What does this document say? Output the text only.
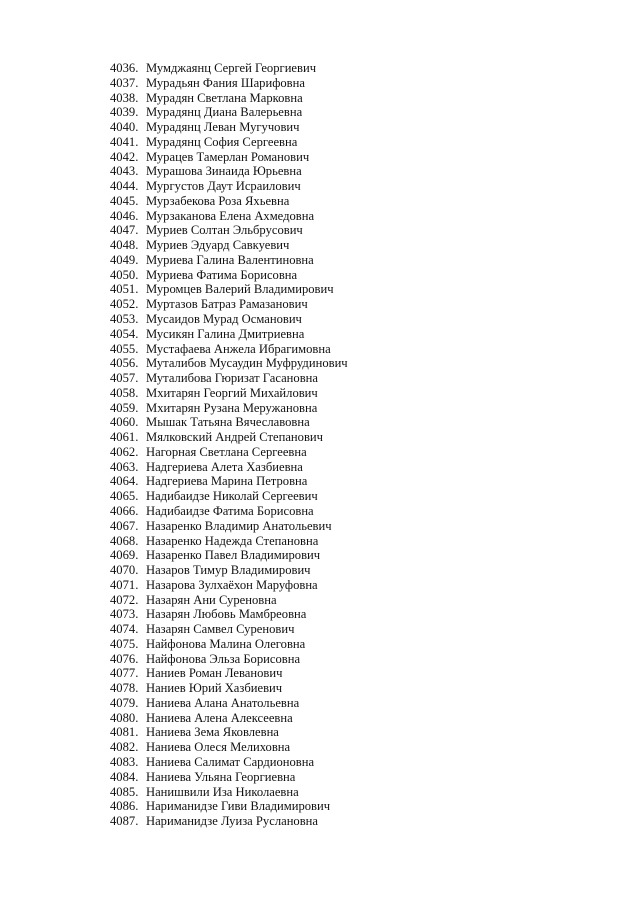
4036. Мумджаянц Сергей Георгиевич
4037. Мурадьян Фания Шарифовна
4038. Мурадян Светлана Марковна
4039. Мурадянц Диана Валерьевна
4040. Мурадянц Леван Мугучович
4041. Мурадянц София Сергеевна
4042. Мурацев Тамерлан Романович
4043. Мурашова Зинаида Юрьевна
4044. Мургустов Даут Исраилович
4045. Мурзабекова Роза Яхьевна
4046. Мурзаканова Елена Ахмедовна
4047. Муриев Солтан Эльбрусович
4048. Муриев Эдуард Савкуевич
4049. Муриева Галина Валентиновна
4050. Муриева Фатима Борисовна
4051. Муромцев Валерий Владимирович
4052. Муртазов Батраз Рамазанович
4053. Мусаидов Мурад Османович
4054. Мусикян Галина Дмитриевна
4055. Мустафаева Анжела Ибрагимовна
4056. Муталибов Мусаудин Муфрудинович
4057. Муталибова Гюризат Гасановна
4058. Мхитарян Георгий Михайлович
4059. Мхитарян Рузана Меружановна
4060. Мышак Татьяна Вячеславовна
4061. Мялковский Андрей Степанович
4062. Нагорная Светлана Сергеевна
4063. Надгериева Алета Хазбиевна
4064. Надгериева Марина Петровна
4065. Надибаидзе Николай Сергеевич
4066. Надибаидзе Фатима Борисовна
4067. Назаренко Владимир Анатольевич
4068. Назаренко Надежда Степановна
4069. Назаренко Павел Владимирович
4070. Назаров Тимур Владимирович
4071. Назарова Зулхаёхон Маруфовна
4072. Назарян Ани Суреновна
4073. Назарян Любовь Мамбреовна
4074. Назарян Самвел Суренович
4075. Найфонова Малина Олеговна
4076. Найфонова Эльза Борисовна
4077. Наниев Роман Леванович
4078. Наниев Юрий Хазбиевич
4079. Наниева Алана Анатольевна
4080. Наниева Алена Алексеевна
4081. Наниева Зема Яковлевна
4082. Наниева Олеся Мелиховна
4083. Наниева Салимат Сардионовна
4084. Наниева Ульяна Георгиевна
4085. Нанишвили Иза Николаевна
4086. Нариманидзе Гиви Владимирович
4087. Нариманидзе Луиза Руслановна
